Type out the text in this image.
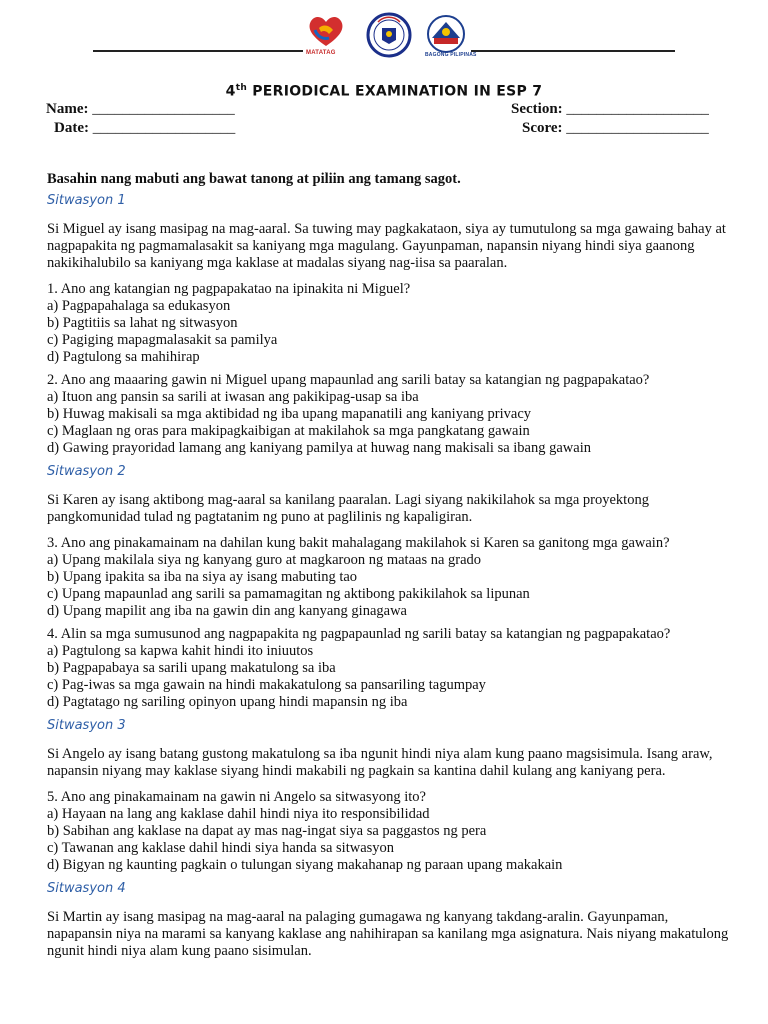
MATATAG	BAGONG PILIPINAS
4th PERIODICAL EXAMINATION IN ESP 7
Name: ___________________	Section: ___________________
Date: ___________________	Score: ___________________

Basahin nang mabuti ang bawat tanong at piliin ang tamang sagot.

Sitwasyon 1

Si Miguel ay isang masipag na mag-aaral. Sa tuwing may pagkakataon, siya ay tumutulong sa mga gawaing bahay at nagpapakita ng pagmamalasakit sa kaniyang mga magulang. Gayunpaman, napansin niyang hindi siya gaanong nakikihalubilo sa kaniyang mga kaklase at madalas siyang nag-iisa sa paaralan.

1. Ano ang katangian ng pagpapakatao na ipinakita ni Miguel?
a) Pagpapahalaga sa edukasyon
b) Pagtitiis sa lahat ng sitwasyon
c) Pagiging mapagmalasakit sa pamilya
d) Pagtulong sa mahihirap
2. Ano ang maaaring gawin ni Miguel upang mapaunlad ang sarili batay sa katangian ng pagpapakatao?
a) Ituon ang pansin sa sarili at iwasan ang pakikipag-usap sa iba
b) Huwag makisali sa mga aktibidad ng iba upang mapanatili ang kaniyang privacy
c) Maglaan ng oras para makipagkaibigan at makilahok sa mga pangkatang gawain
d) Gawing prayoridad lamang ang kaniyang pamilya at huwag nang makisali sa ibang gawain
Sitwasyon 2

Si Karen ay isang aktibong mag-aaral sa kanilang paaralan. Lagi siyang nakikilahok sa mga proyektong pangkomunidad tulad ng pagtatanim ng puno at paglilinis ng kapaligiran.

3. Ano ang pinakamainam na dahilan kung bakit mahalagang makilahok si Karen sa ganitong mga gawain?
a) Upang makilala siya ng kanyang guro at magkaroon ng mataas na grado
b) Upang ipakita sa iba na siya ay isang mabuting tao
c) Upang mapaunlad ang sarili sa pamamagitan ng aktibong pakikilahok sa lipunan
d) Upang mapilit ang iba na gawin din ang kanyang ginagawa
4. Alin sa mga sumusunod ang nagpapakita ng pagpapaunlad ng sarili batay sa katangian ng pagpapakatao?
a) Pagtulong sa kapwa kahit hindi ito iniuutos
b) Pagpapabaya sa sarili upang makatulong sa iba
c) Pag-iwas sa mga gawain na hindi makakatulong sa pansariling tagumpay
d) Pagtatago ng sariling opinyon upang hindi mapansin ng iba
Sitwasyon 3

Si Angelo ay isang batang gustong makatulong sa iba ngunit hindi niya alam kung paano magsisimula. Isang araw, napansin niyang may kaklase siyang hindi makabili ng pagkain sa kantina dahil kulang ang kaniyang pera.

5. Ano ang pinakamainam na gawin ni Angelo sa sitwasyong ito?
a) Hayaan na lang ang kaklase dahil hindi niya ito responsibilidad
b) Sabihan ang kaklase na dapat ay mas nag-ingat siya sa paggastos ng pera
c) Tawanan ang kaklase dahil hindi siya handa sa sitwasyon
d) Bigyan ng kaunting pagkain o tulungan siyang makahanap ng paraan upang makakain
Sitwasyon 4

Si Martin ay isang masipag na mag-aaral na palaging gumagawa ng kanyang takdang-aralin. Gayunpaman, napapansin niya na marami sa kanyang kaklase ang nahihirapan sa kanilang mga asignatura. Nais niyang makatulong ngunit hindi niya alam kung paano sisimulan.
